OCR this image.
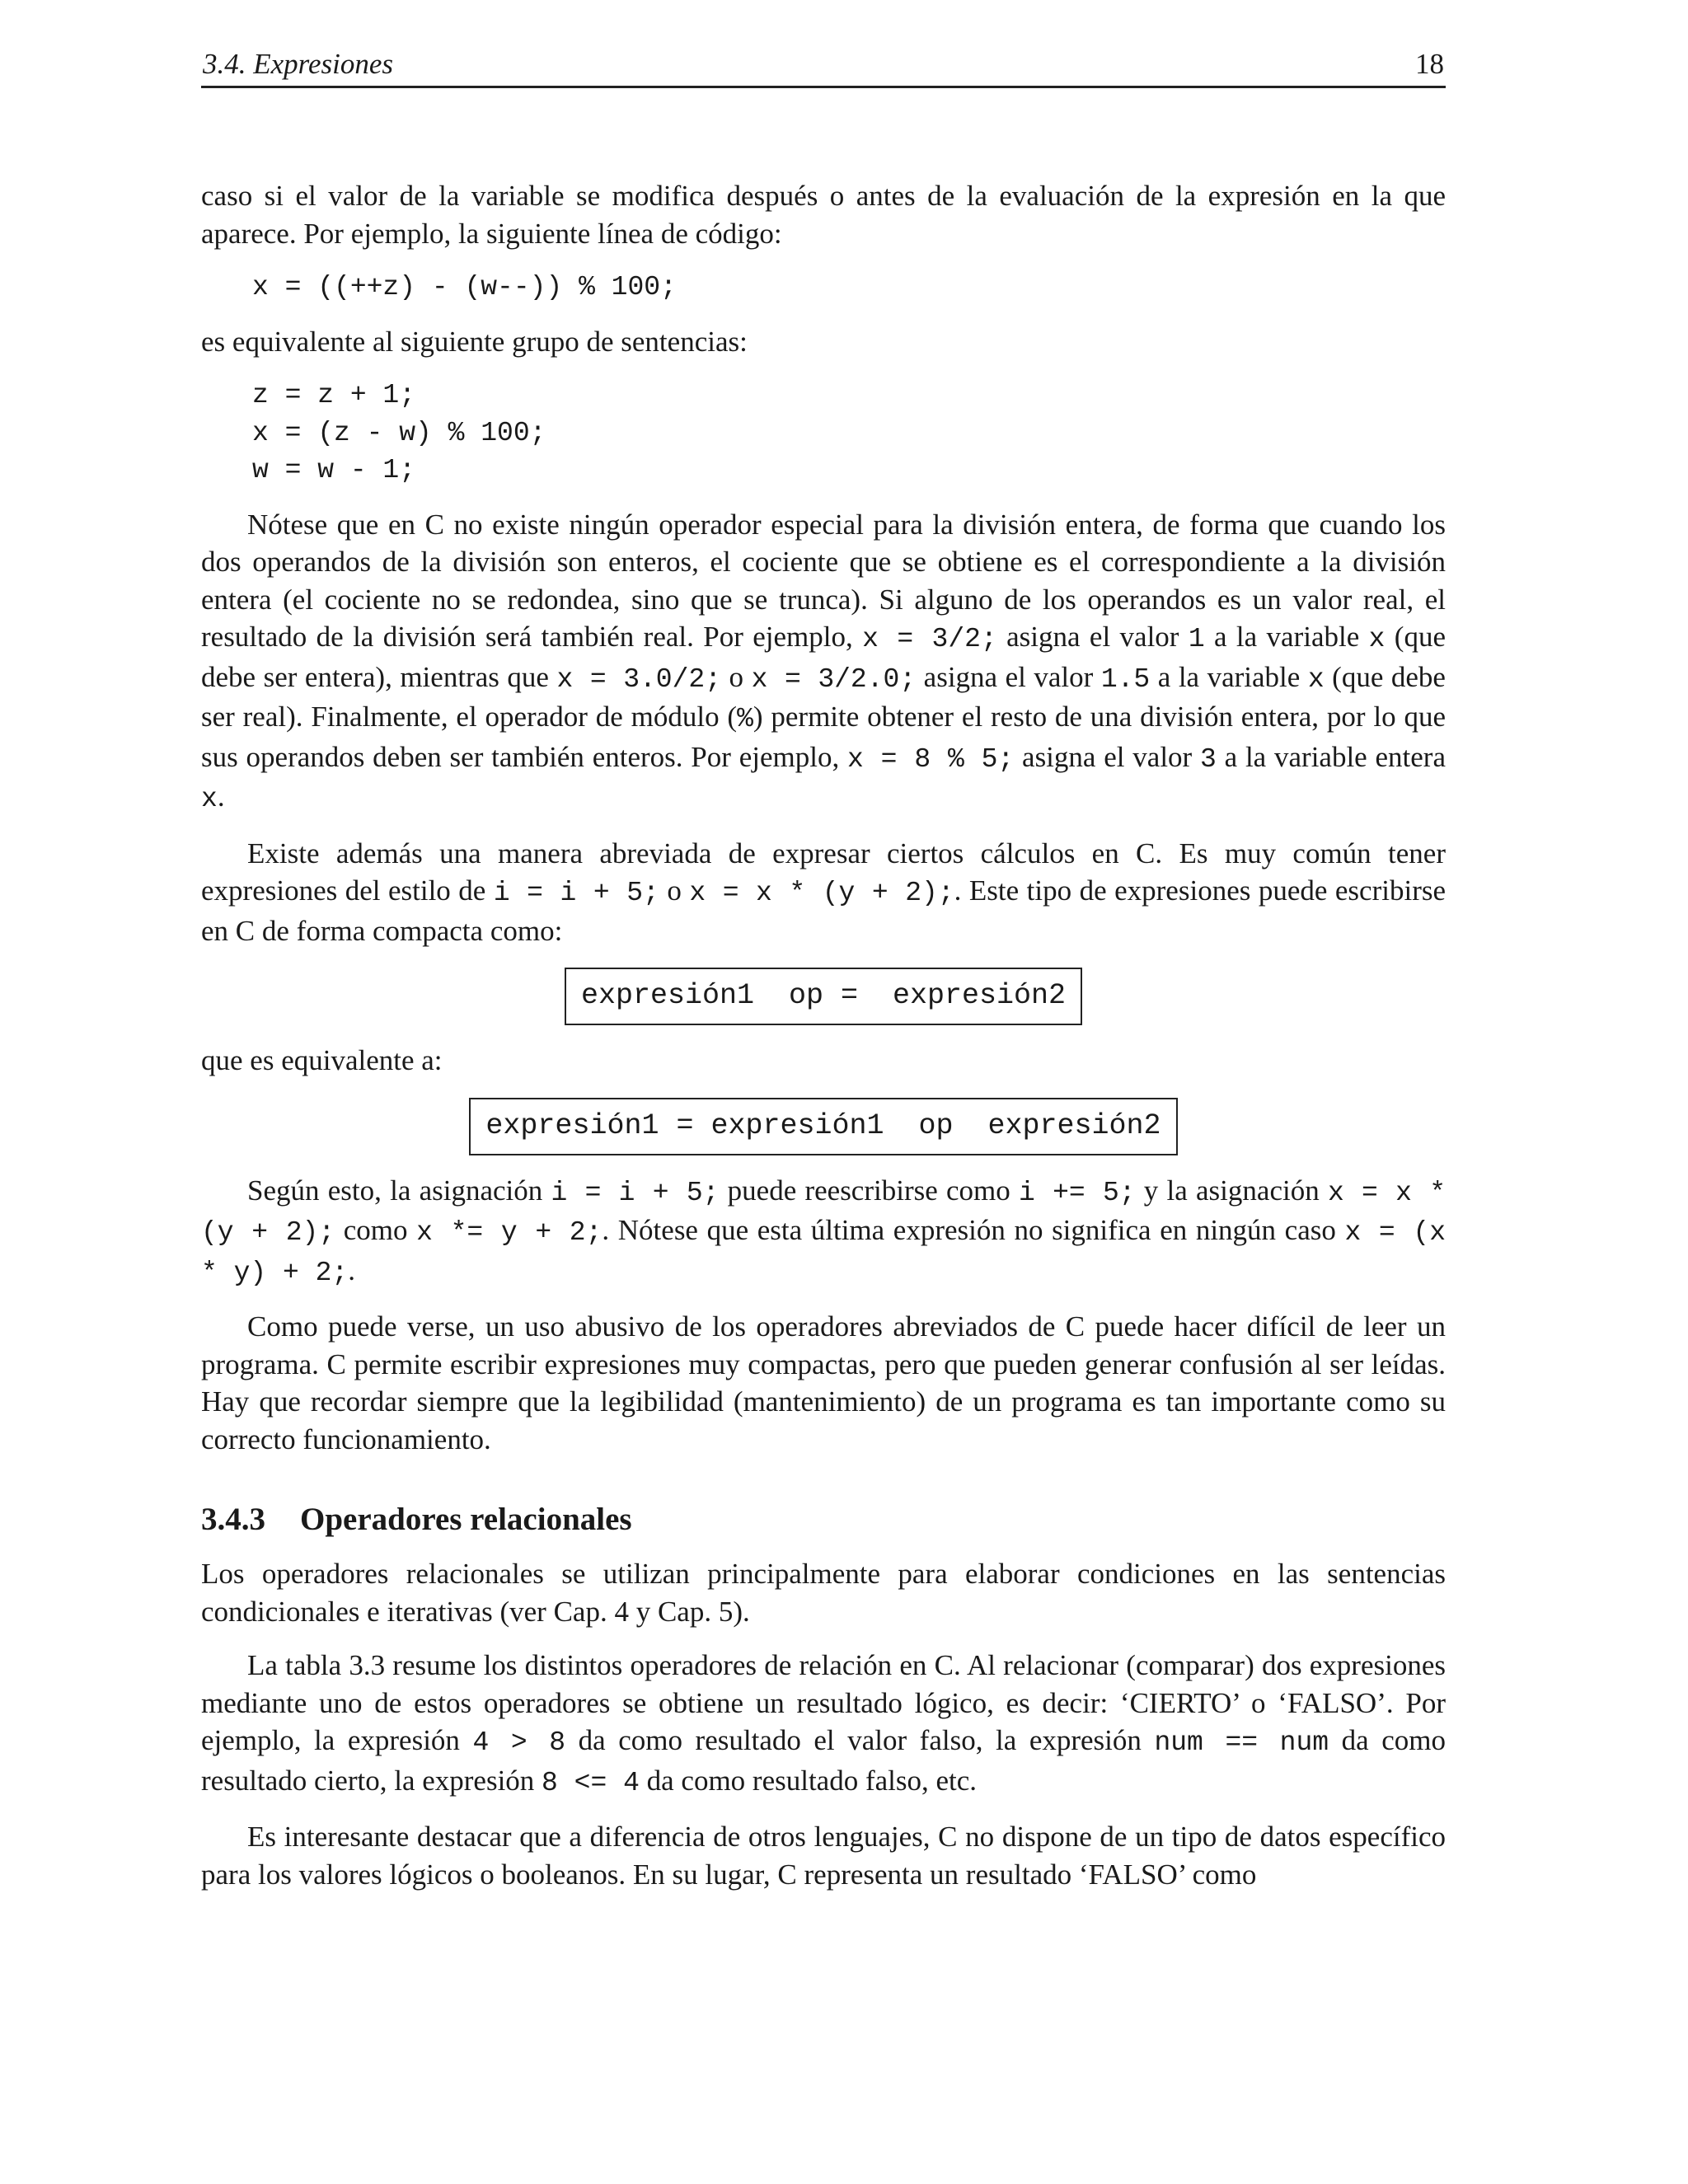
3.4. Expresiones	18

caso si el valor de la variable se modifica después o antes de la evaluación de la expresión en la que aparece. Por ejemplo, la siguiente línea de código:

x = ((++z) - (w--)) % 100;

es equivalente al siguiente grupo de sentencias:

z = z + 1;
x = (z - w) % 100;
w = w - 1;

Nótese que en C no existe ningún operador especial para la división entera, de forma que cuando los dos operandos de la división son enteros, el cociente que se obtiene es el correspondiente a la división entera (el cociente no se redondea, sino que se trunca). Si alguno de los operandos es un valor real, el resultado de la división será también real. Por ejemplo, x = 3/2; asigna el valor 1 a la variable x (que debe ser entera), mientras que x = 3.0/2; o x = 3/2.0; asigna el valor 1.5 a la variable x (que debe ser real). Finalmente, el operador de módulo (%) permite obtener el resto de una división entera, por lo que sus operandos deben ser también enteros. Por ejemplo, x = 8 % 5; asigna el valor 3 a la variable entera x.

Existe además una manera abreviada de expresar ciertos cálculos en C. Es muy común tener expresiones del estilo de i = i + 5; o x = x * (y + 2);. Este tipo de expresiones puede escribirse en C de forma compacta como:

expresión1  op =  expresión2

que es equivalente a:

expresión1 = expresión1  op  expresión2

Según esto, la asignación i = i + 5; puede reescribirse como i += 5; y la asignación x = x * (y + 2); como x *= y + 2;. Nótese que esta última expresión no significa en ningún caso x = (x * y) + 2;.

Como puede verse, un uso abusivo de los operadores abreviados de C puede hacer difícil de leer un programa. C permite escribir expresiones muy compactas, pero que pueden generar confusión al ser leídas. Hay que recordar siempre que la legibilidad (mantenimiento) de un programa es tan importante como su correcto funcionamiento.

3.4.3 Operadores relacionales

Los operadores relacionales se utilizan principalmente para elaborar condiciones en las sentencias condicionales e iterativas (ver Cap. 4 y Cap. 5).

La tabla 3.3 resume los distintos operadores de relación en C. Al relacionar (comparar) dos expresiones mediante uno de estos operadores se obtiene un resultado lógico, es decir: ‘CIERTO’ o ‘FALSO’. Por ejemplo, la expresión 4 > 8 da como resultado el valor falso, la expresión num == num da como resultado cierto, la expresión 8 <= 4 da como resultado falso, etc.

Es interesante destacar que a diferencia de otros lenguajes, C no dispone de un tipo de datos específico para los valores lógicos o booleanos. En su lugar, C representa un resultado ‘FALSO’ como
